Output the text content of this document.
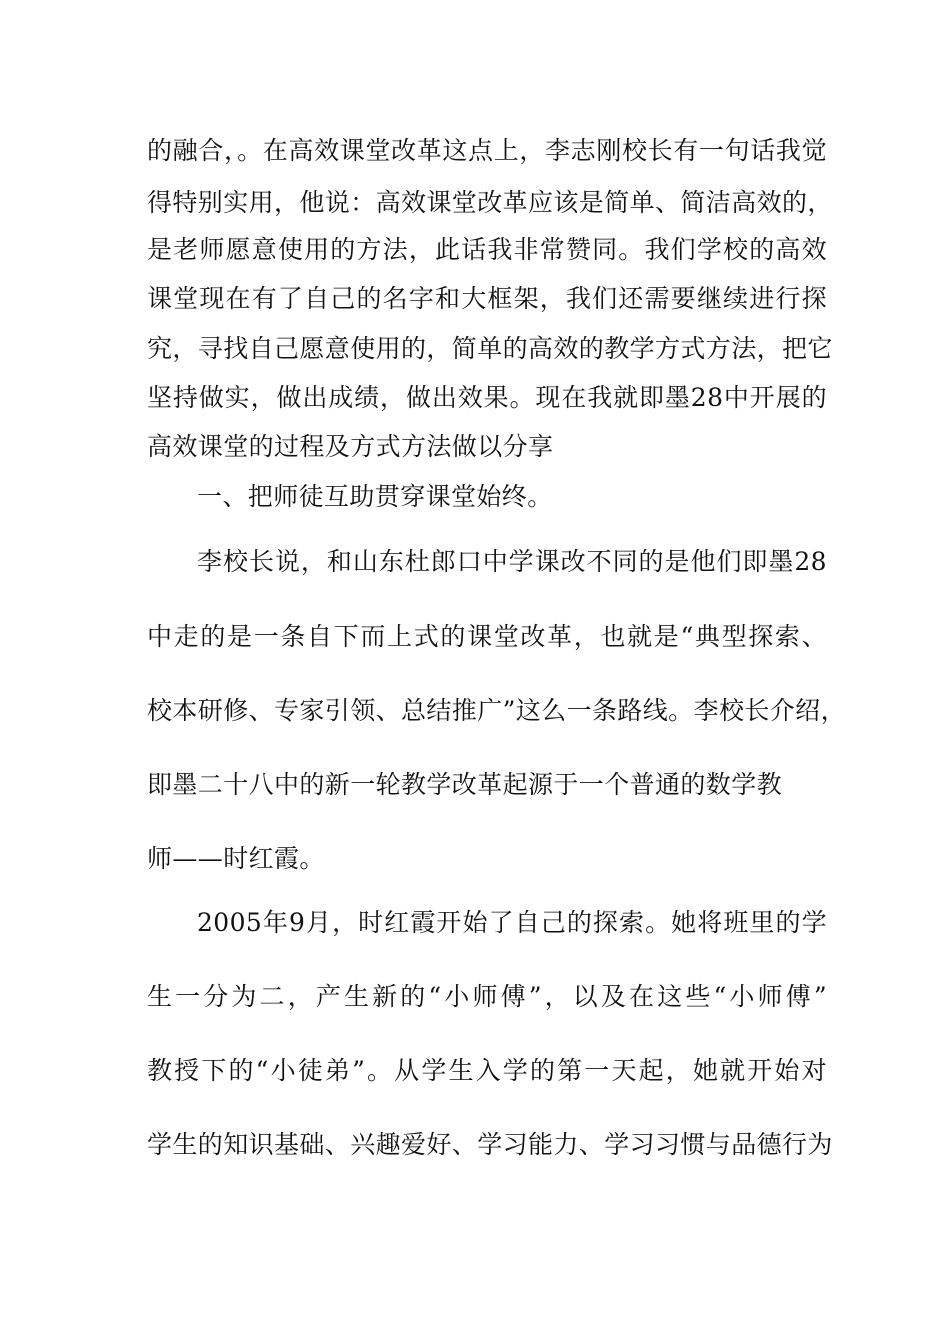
的融合，。在高效课堂改革这点上，李志刚校长有一句话我觉
得特别实用，他说：高效课堂改革应该是简单、简洁高效的，
是老师愿意使用的方法，此话我非常赞同。我们学校的高效
课堂现在有了自己的名字和大框架，我们还需要继续进行探
究，寻找自己愿意使用的，简单的高效的教学方式方法，把它
坚持做实，做出成绩，做出效果。现在我就即墨28中开展的
高效课堂的过程及方式方法做以分享
一、把师徒互助贯穿课堂始终。
李校长说，和山东杜郎口中学课改不同的是他们即墨28
中走的是一条自下而上式的课堂改革，也就是“典型探索、
校本研修、专家引领、总结推广”这么一条路线。李校长介绍，
即墨二十八中的新一轮教学改革起源于一个普通的数学教
师——时红霞。
2005年9月，时红霞开始了自己的探索。她将班里的学
生一分为二，产生新的“小师傅”，以及在这些“小师傅”
教授下的“小徒弟”。从学生入学的第一天起，她就开始对
学生的知识基础、兴趣爱好、学习能力、学习习惯与品德行为
